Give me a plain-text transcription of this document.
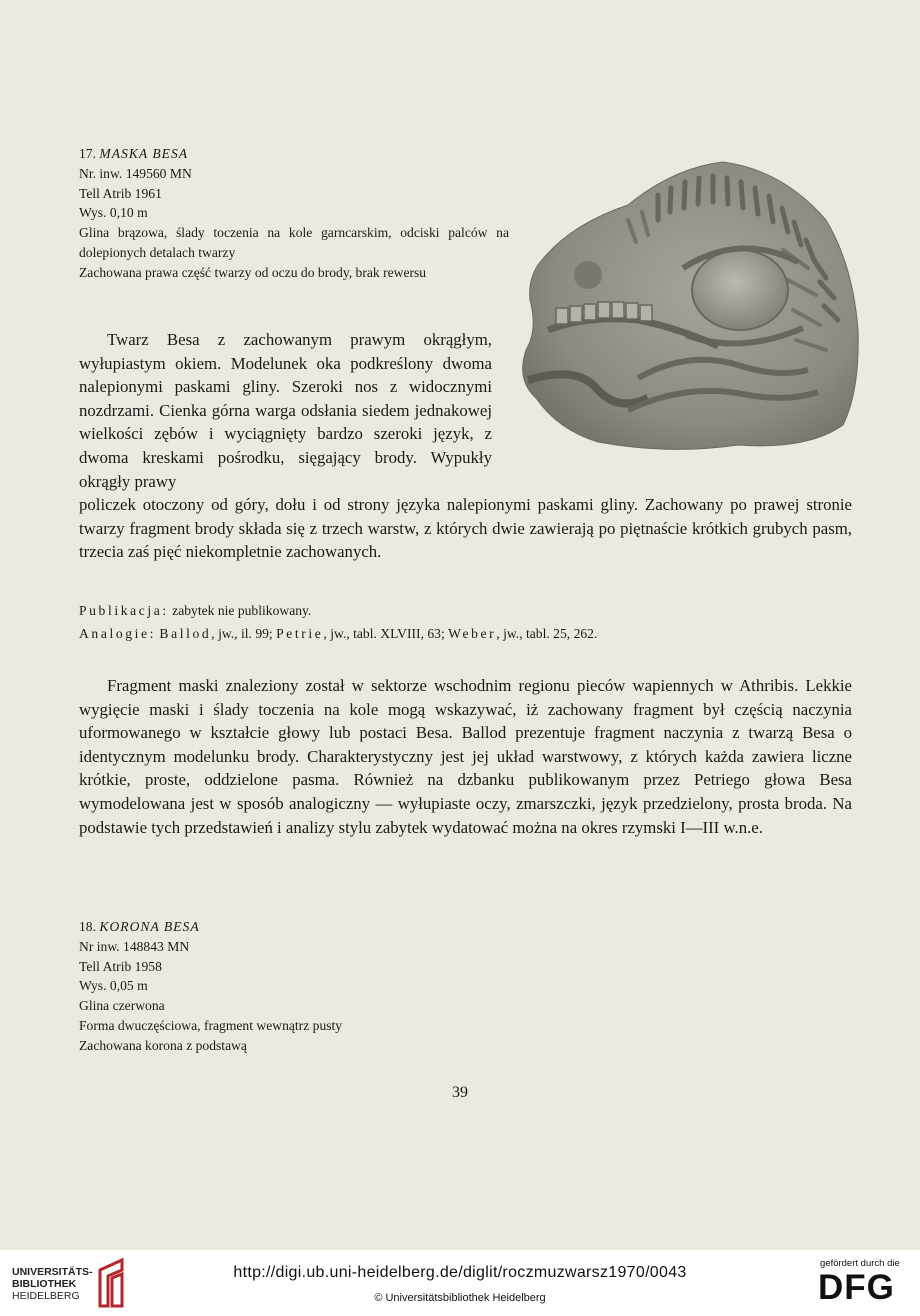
17. MASKA BESA
Nr. inw. 149560 MN
Tell Atrib 1961
Wys. 0,10 m
Glina brązowa, ślady toczenia na kole garncarskim, odciski palców na dolepionych detalach twarzy
Zachowana prawa część twarzy od oczu do brody, brak rewersu
Twarz Besa z zachowanym prawym okrągłym, wyłupiastym okiem. Modelunek oka podkreślony dwoma nalepionymi paskami gliny. Szeroki nos z widocznymi nozdrzami. Cienka górna warga odsłania siedem jednakowej wielkości zębów i wyciągnięty bardzo szeroki język, z dwoma kreskami pośrodku, sięgający brody. Wypukły okrągły prawy
policzek otoczony od góry, dołu i od strony języka nalepionymi paskami gliny. Zachowany po prawej stronie twarzy fragment brody składa się z trzech warstw, z których dwie zawierają po piętnaście krótkich grubych pasm, trzecia zaś pięć niekompletnie zachowanych.
Publikacja: zabytek nie publikowany.
Analogie: Ballod, jw., il. 99; Petrie, jw., tabl. XLVIII, 63; Weber, jw., tabl. 25, 262.
Fragment maski znaleziony został w sektorze wschodnim regionu pieców wapiennych w Athribis. Lekkie wygięcie maski i ślady toczenia na kole mogą wskazywać, iż zachowany fragment był częścią naczynia uformowanego w kształcie głowy lub postaci Besa. Ballod prezentuje fragment naczynia z twarzą Besa o identycznym modelunku brody. Charakterystyczny jest jej układ warstwowy, z których każda zawiera liczne krótkie, proste, oddzielone pasma. Również na dzbanku publikowanym przez Petriego głowa Besa wymodelowana jest w sposób analogiczny — wyłupiaste oczy, zmarszczki, język przedzielony, prosta broda. Na podstawie tych przedstawień i analizy stylu zabytek wydatować można na okres rzymski I—III w.n.e.
18. KORONA BESA
Nr inw. 148843 MN
Tell Atrib 1958
Wys. 0,05 m
Glina czerwona
Forma dwuczęściowa, fragment wewnątrz pusty
Zachowana korona z podstawą
39
UNIVERSITÄTS-
BIBLIOTHEK
HEIDELBERG
http://digi.ub.uni-heidelberg.de/diglit/roczmuzwarsz1970/0043
© Universitätsbibliothek Heidelberg
gefördert durch die
DFG
